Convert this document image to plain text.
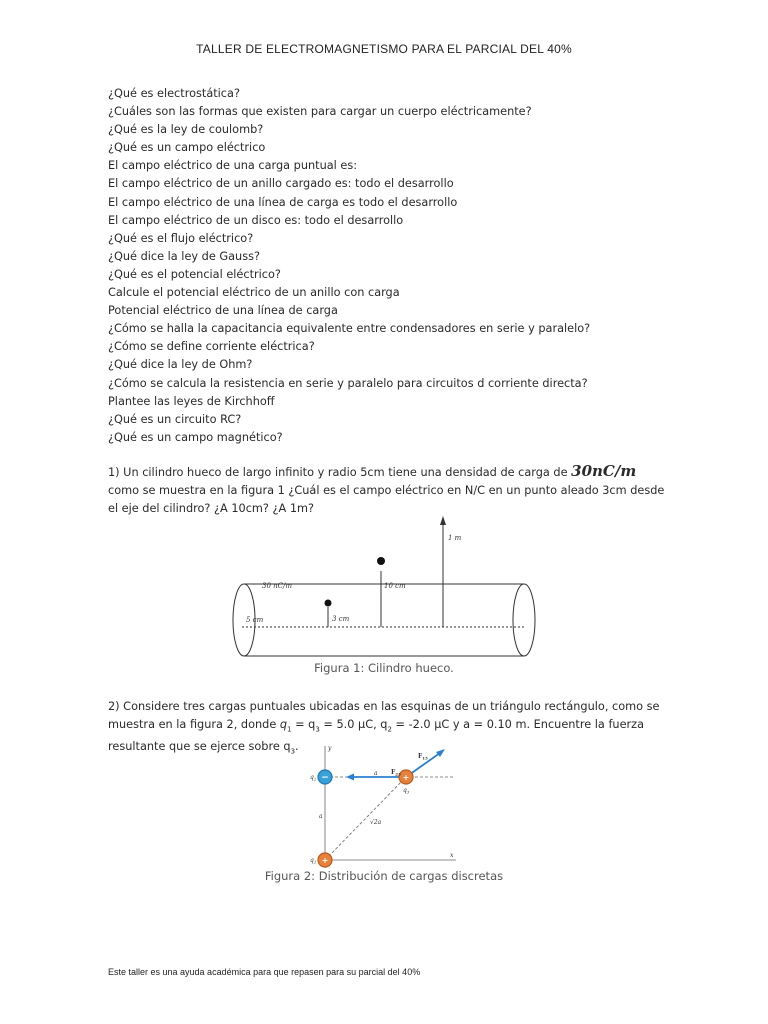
TALLER DE ELECTROMAGNETISMO PARA EL PARCIAL DEL 40%
¿Qué es electrostática?
¿Cuáles son las formas que existen para cargar un cuerpo eléctricamente?
¿Qué es la ley de coulomb?
¿Qué es un campo eléctrico
El campo eléctrico de una carga puntual es:
El campo eléctrico de un anillo cargado es: todo el desarrollo
El campo eléctrico de una línea de carga es todo el desarrollo
El campo eléctrico de un disco es: todo el desarrollo
¿Qué es el flujo eléctrico?
¿Qué dice la ley de Gauss?
¿Qué es el potencial eléctrico?
Calcule el potencial eléctrico de un anillo con carga
Potencial eléctrico de una línea de carga
¿Cómo se halla la capacitancia equivalente entre condensadores en serie y paralelo?
¿Cómo se define corriente eléctrica?
¿Qué dice la ley de Ohm?
¿Cómo se calcula la resistencia en serie y paralelo para circuitos d corriente directa?
Plantee las leyes de Kirchhoff
¿Qué es un circuito RC?
¿Qué es un campo magnético?
1) Un cilindro hueco de largo infinito y radio 5cm tiene una densidad de carga de 30nC/m como se muestra en la figura 1 ¿Cuál es el campo eléctrico en N/C en un punto aleado 3cm desde el eje del cilindro? ¿A 10cm? ¿A 1m?
30 nC/m
5 cm	3 cm
10 cm
1 m
Figura 1: Cilindro hueco.
2) Considere tres cargas puntuales ubicadas en las esquinas de un triángulo rectángulo, como se muestra en la figura 2, donde $q_1 = q_3 = 5.0$ μC, $q_2 = -2.0$ μC y a = 0.10 m. Encuentre la fuerza resultante que se ejerce sobre $q_3$.
−
+
+
y
x
$q_2$
$q_1$
$q_3$
a
a
√2a
$F_{23}$
$F_{13}$
Figura 2: Distribución de cargas discretas
Este taller es una ayuda académica para que repasen para su parcial del 40%
